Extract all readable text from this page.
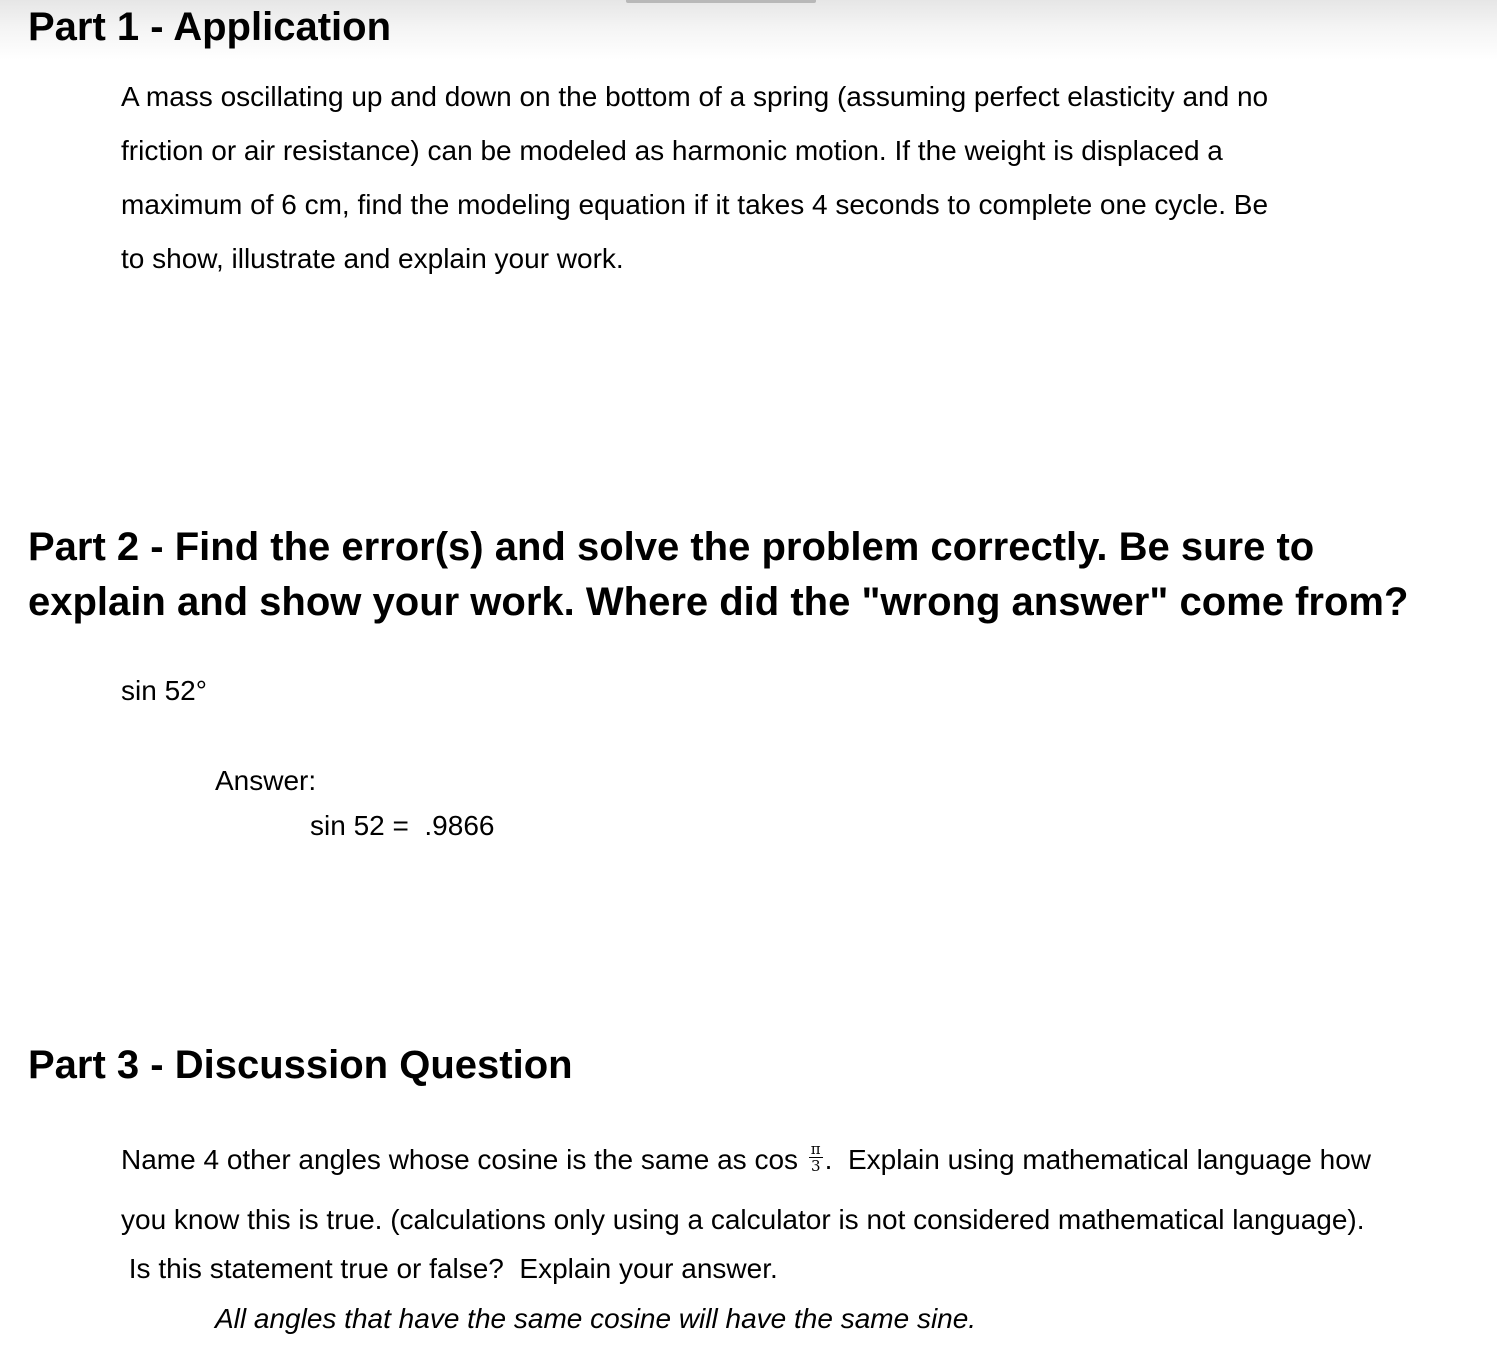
Part 1 - Application

A mass oscillating up and down on the bottom of a spring (assuming perfect elasticity and no

friction or air resistance) can be modeled as harmonic motion. If the weight is displaced a

maximum of 6 cm, find the modeling equation if it takes 4 seconds to complete one cycle. Be

to show, illustrate and explain your work.

Part 2 - Find the error(s) and solve the problem correctly. Be sure to
explain and show your work. Where did the "wrong answer" come from?

sin 52°

Answer:

sin 52 =  .9866

Part 3 - Discussion Question

Name 4 other angles whose cosine is the same as $\cos \frac{\pi}{3}$ .  Explain using mathematical language how

you know this is true. (calculations only using a calculator is not considered mathematical language).

Is this statement true or false?  Explain your answer.

All angles that have the same cosine will have the same sine.
